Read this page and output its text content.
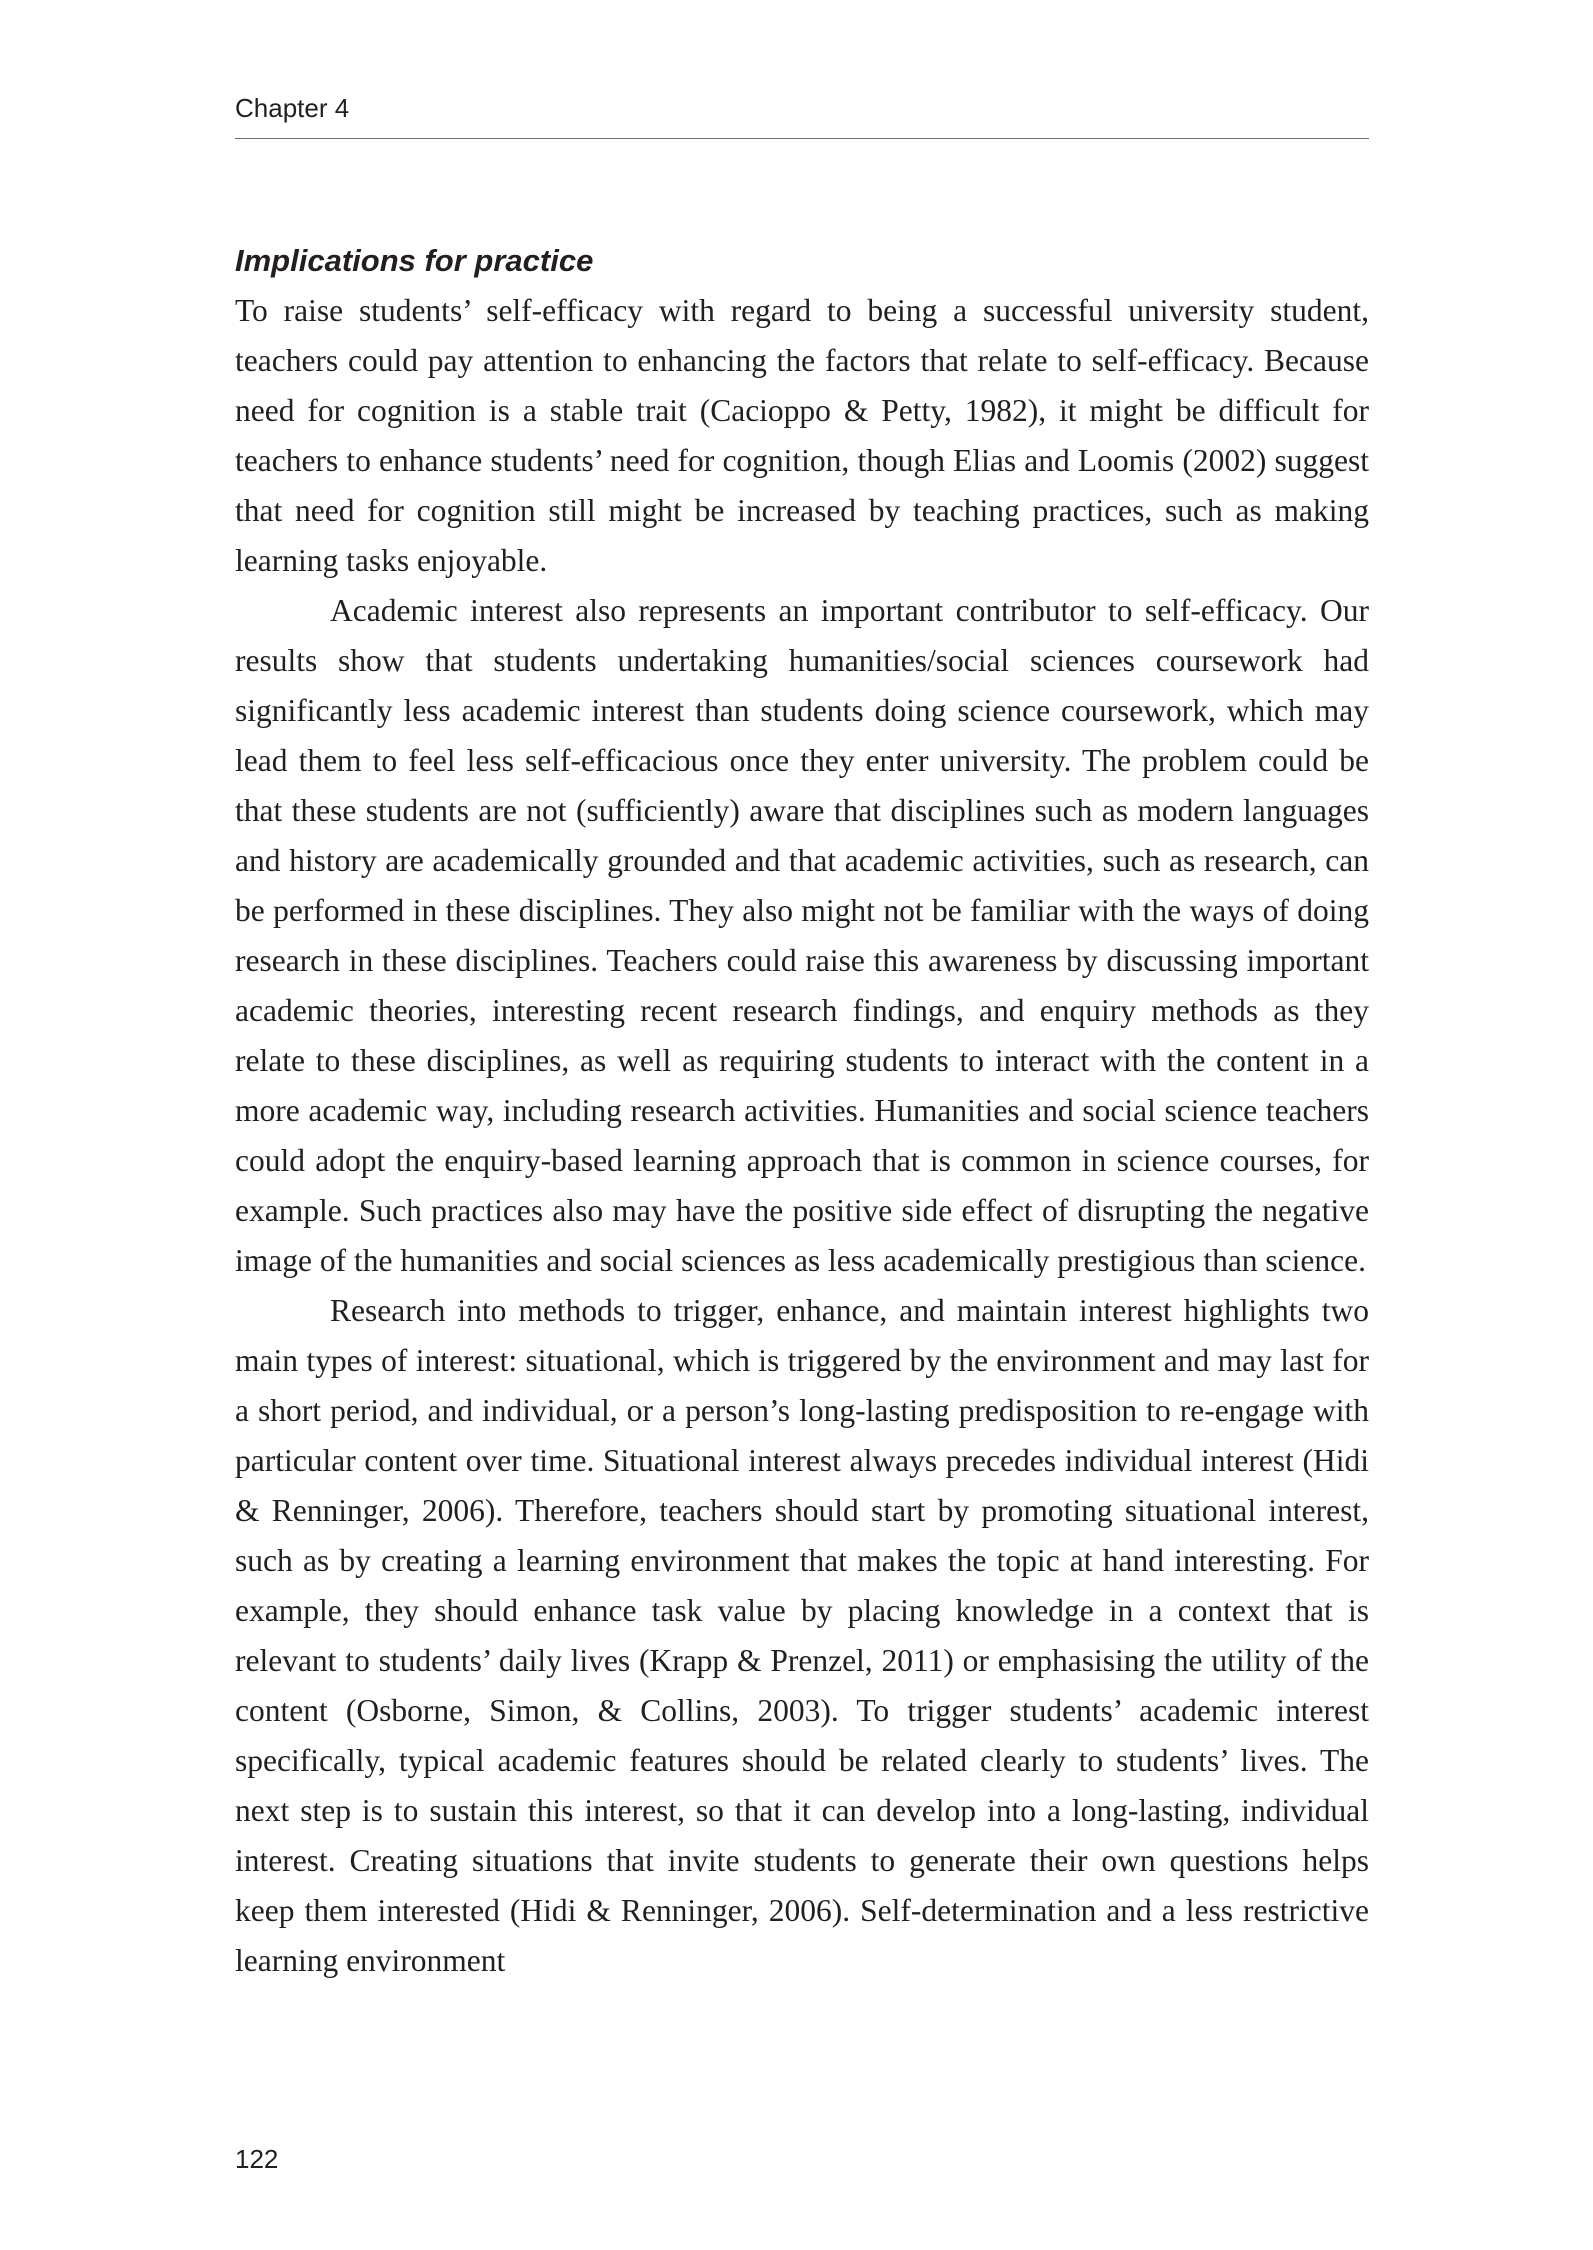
Chapter 4
Implications for practice

To raise students’ self-efficacy with regard to being a successful university student, teachers could pay attention to enhancing the factors that relate to self-efficacy. Because need for cognition is a stable trait (Cacioppo & Petty, 1982), it might be difficult for teachers to enhance students’ need for cognition, though Elias and Loomis (2002) suggest that need for cognition still might be increased by teaching practices, such as making learning tasks enjoyable.

Academic interest also represents an important contributor to self-efficacy. Our results show that students undertaking humanities/social sciences coursework had significantly less academic interest than students doing science coursework, which may lead them to feel less self-efficacious once they enter university. The problem could be that these students are not (sufficiently) aware that disciplines such as modern languages and history are academically grounded and that academic activities, such as research, can be performed in these disciplines. They also might not be familiar with the ways of doing research in these disciplines. Teachers could raise this awareness by discussing important academic theories, interesting recent research findings, and enquiry methods as they relate to these disciplines, as well as requiring students to interact with the content in a more academic way, including research activities. Humanities and social science teachers could adopt the enquiry-based learning approach that is common in science courses, for example. Such practices also may have the positive side effect of disrupting the negative image of the humanities and social sciences as less academically prestigious than science.

Research into methods to trigger, enhance, and maintain interest highlights two main types of interest: situational, which is triggered by the environment and may last for a short period, and individual, or a person’s long-lasting predisposition to re-engage with particular content over time. Situational interest always precedes individual interest (Hidi & Renninger, 2006). Therefore, teachers should start by promoting situational interest, such as by creating a learning environment that makes the topic at hand interesting. For example, they should enhance task value by placing knowledge in a context that is relevant to students’ daily lives (Krapp & Prenzel, 2011) or emphasising the utility of the content (Osborne, Simon, & Collins, 2003). To trigger students’ academic interest specifically, typical academic features should be related clearly to students’ lives. The next step is to sustain this interest, so that it can develop into a long-lasting, individual interest. Creating situations that invite students to generate their own questions helps keep them interested (Hidi & Renninger, 2006). Self-determination and a less restrictive learning environment

122
